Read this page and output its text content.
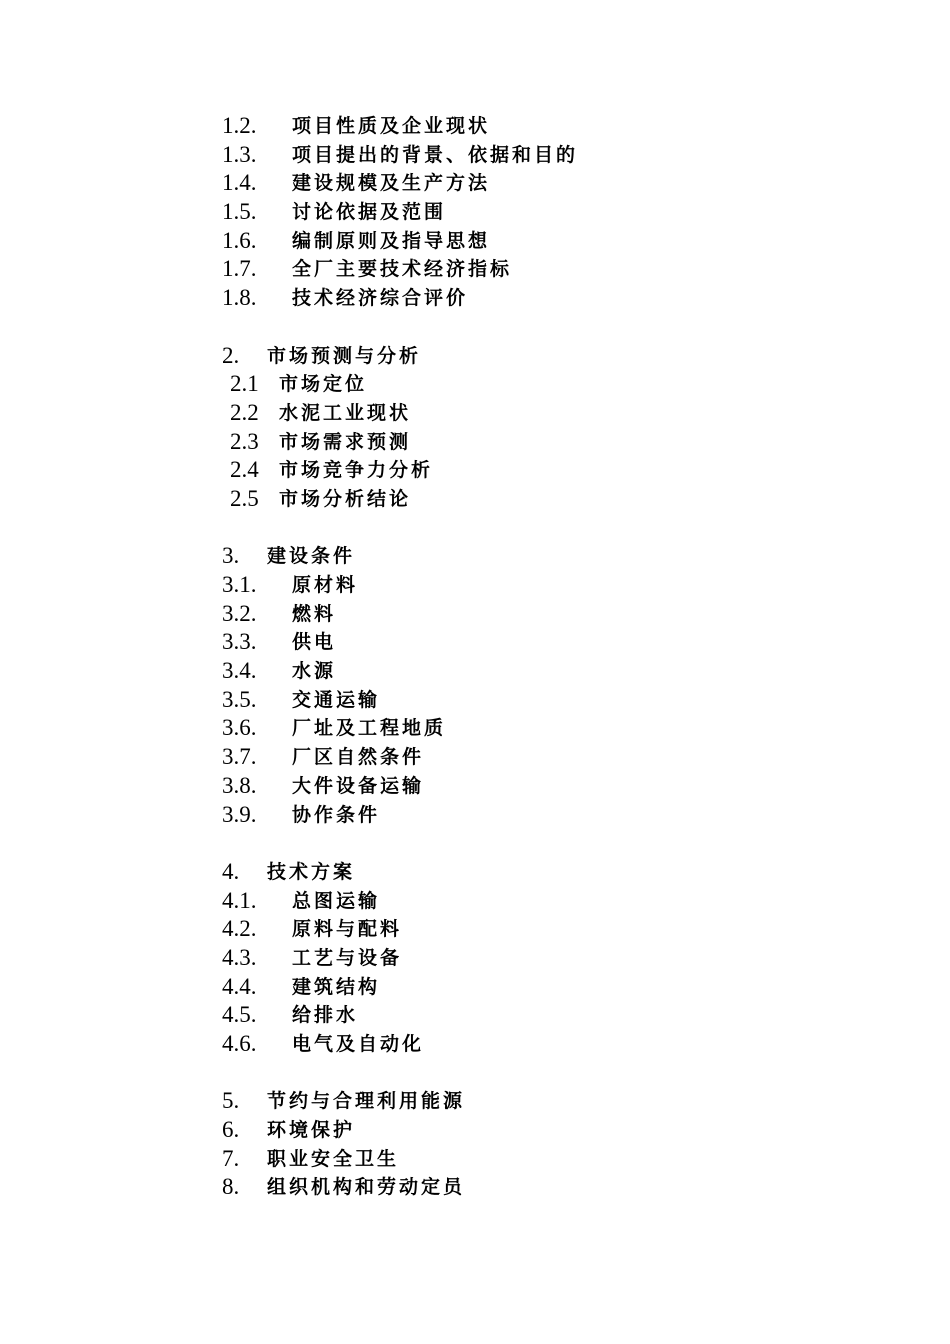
1.2. 项目性质及企业现状
1.3. 项目提出的背景、依据和目的
1.4. 建设规模及生产方法
1.5. 讨论依据及范围
1.6. 编制原则及指导思想
1.7. 全厂主要技术经济指标
1.8. 技术经济综合评价
2. 市场预测与分析
2.1 市场定位
2.2 水泥工业现状
2.3 市场需求预测
2.4 市场竞争力分析
2.5 市场分析结论
3. 建设条件
3.1. 原材料
3.2. 燃料
3.3. 供电
3.4. 水源
3.5. 交通运输
3.6. 厂址及工程地质
3.7. 厂区自然条件
3.8. 大件设备运输
3.9. 协作条件
4. 技术方案
4.1. 总图运输
4.2. 原料与配料
4.3. 工艺与设备
4.4. 建筑结构
4.5. 给排水
4.6. 电气及自动化
5. 节约与合理利用能源
6. 环境保护
7. 职业安全卫生
8. 组织机构和劳动定员
